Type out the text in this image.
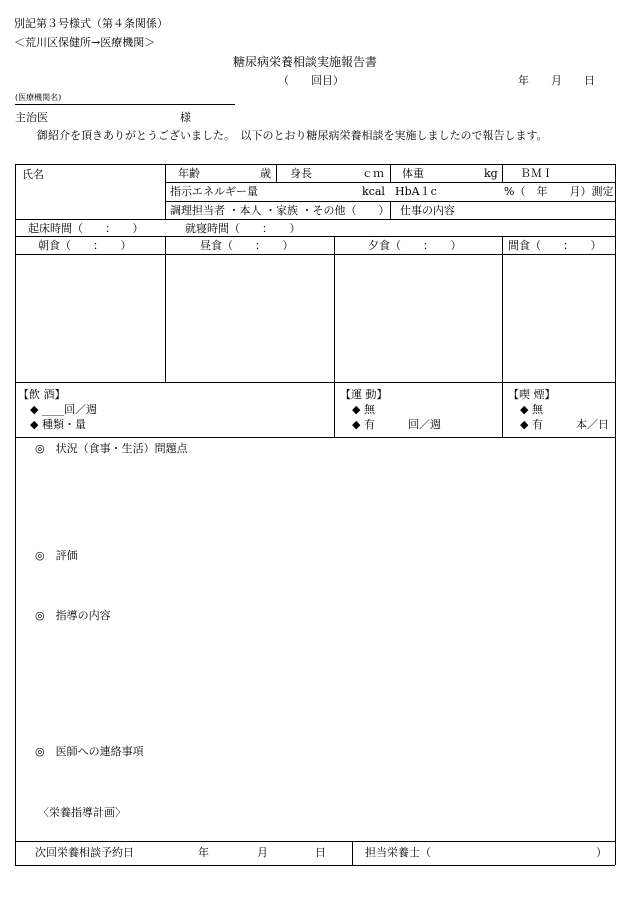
別記第３号様式（第４条関係）
＜荒川区保健所→医療機関＞
糖尿病栄養相談実施報告書
（　　回目）	年　　月　　日
(医療機関名)
主治医	様
御紹介を頂きありがとうございました。　以下のとおり糖尿病栄養相談を実施しましたので報告します。
氏名	年齢	歳 身長	ｃｍ 体重	kg ＢＭＩ
指示エネルギー量	kcal HbA１c	%（　年　　月）測定
調理担当者 ・本人 ・家族 ・その他（　　） 仕事の内容
起床時間（　　：　　）	就寝時間（　　：　　）
朝食（　　：　　）	昼食（　　：　　）	夕食（　　：　　）	間食（　　：　　）
【飲 酒】
◆ ____回／週
◆ 種類・量
【運 動】
◆ 無
◆ 有　　　回／週
【喫 煙】
◆ 無
◆ 有　　　本／日
◎　状況（食事・生活）問題点
◎　評価
◎　指導の内容
◎　医師への連絡事項
〈栄養指導計画〉
次回栄養相談予約日	年	月	日	担当栄養士（	）
